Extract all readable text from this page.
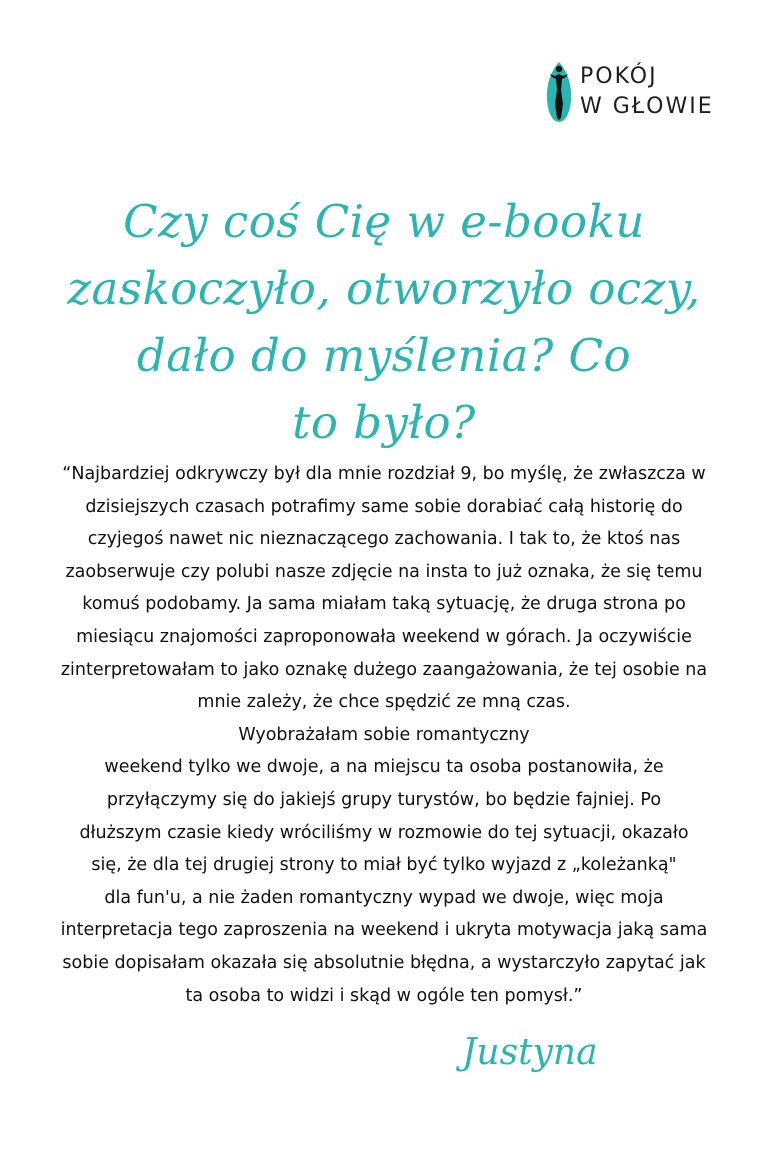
POKÓJ
W GŁOWIE
Czy coś Cię w e-booku
zaskoczyło, otworzyło oczy,
dało do myślenia? Co
to było?
“Najbardziej odkrywczy był dla mnie rozdział 9, bo myślę, że zwłaszcza w
dzisiejszych czasach potrafimy same sobie dorabiać całą historię do
czyjegoś nawet nic nieznaczącego zachowania. I tak to, że ktoś nas
zaobserwuje czy polubi nasze zdjęcie na insta to już oznaka, że się temu
komuś podobamy. Ja sama miałam taką sytuację, że druga strona po
miesiącu znajomości zaproponowała weekend w górach. Ja oczywiście
zinterpretowałam to jako oznakę dużego zaangażowania, że tej osobie na
mnie zależy, że chce spędzić ze mną czas.
Wyobrażałam sobie romantyczny
weekend tylko we dwoje, a na miejscu ta osoba postanowiła, że
przyłączymy się do jakiejś grupy turystów, bo będzie fajniej. Po
dłuższym czasie kiedy wróciliśmy w rozmowie do tej sytuacji, okazało
się, że dla tej drugiej strony to miał być tylko wyjazd z „koleżanką"
dla fun'u, a nie żaden romantyczny wypad we dwoje, więc moja
interpretacja tego zaproszenia na weekend i ukryta motywacja jaką sama
sobie dopisałam okazała się absolutnie błędna, a wystarczyło zapytać jak
ta osoba to widzi i skąd w ogóle ten pomysł.”
Justyna
